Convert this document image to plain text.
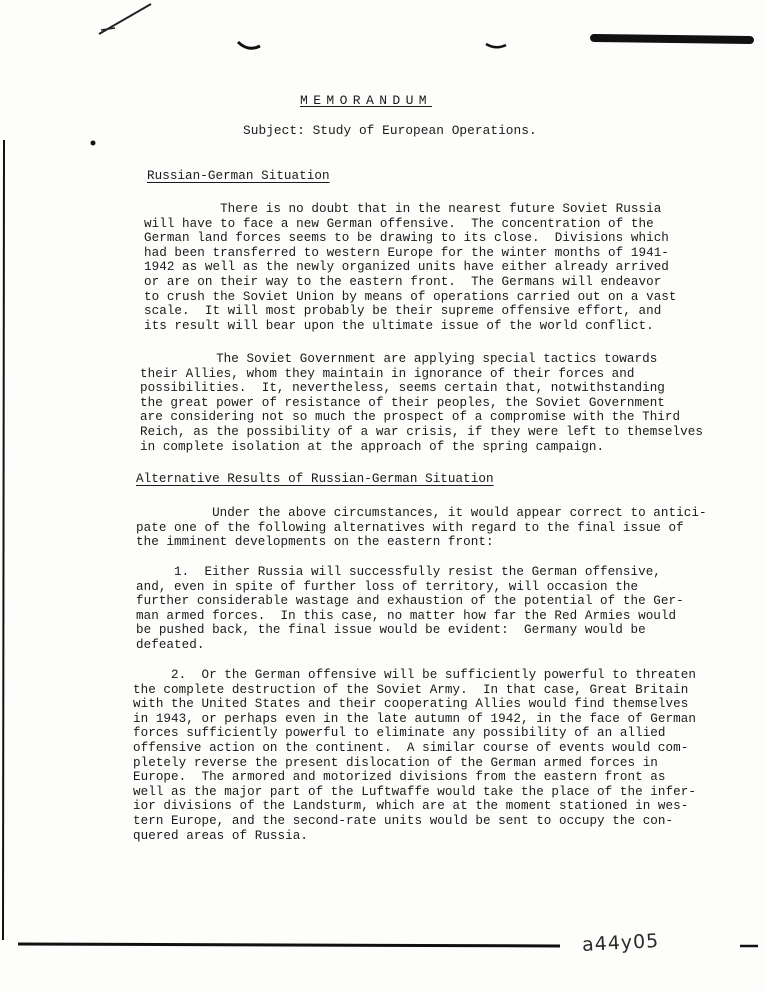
MEMORANDUM
Subject: Study of European Operations.
Russian-German Situation
There is no doubt that in the nearest future Soviet Russia
will have to face a new German offensive.  The concentration of the
German land forces seems to be drawing to its close.  Divisions which
had been transferred to western Europe for the winter months of 1941-
1942 as well as the newly organized units have either already arrived
or are on their way to the eastern front.  The Germans will endeavor
to crush the Soviet Union by means of operations carried out on a vast
scale.  It will most probably be their supreme offensive effort, and
its result will bear upon the ultimate issue of the world conflict.
The Soviet Government are applying special tactics towards
their Allies, whom they maintain in ignorance of their forces and
possibilities.  It, nevertheless, seems certain that, notwithstanding
the great power of resistance of their peoples, the Soviet Government
are considering not so much the prospect of a compromise with the Third
Reich, as the possibility of a war crisis, if they were left to themselves
in complete isolation at the approach of the spring campaign.
Alternative Results of Russian-German Situation
Under the above circumstances, it would appear correct to antici-
pate one of the following alternatives with regard to the final issue of
the imminent developments on the eastern front:
1.  Either Russia will successfully resist the German offensive,
and, even in spite of further loss of territory, will occasion the
further considerable wastage and exhaustion of the potential of the Ger-
man armed forces.  In this case, no matter how far the Red Armies would
be pushed back, the final issue would be evident:  Germany would be
defeated.
2.  Or the German offensive will be sufficiently powerful to threaten
the complete destruction of the Soviet Army.  In that case, Great Britain
with the United States and their cooperating Allies would find themselves
in 1943, or perhaps even in the late autumn of 1942, in the face of German
forces sufficiently powerful to eliminate any possibility of an allied
offensive action on the continent.  A similar course of events would com-
pletely reverse the present dislocation of the German armed forces in
Europe.  The armored and motorized divisions from the eastern front as
well as the major part of the Luftwaffe would take the place of the infer-
ior divisions of the Landsturm, which are at the moment stationed in wes-
tern Europe, and the second-rate units would be sent to occupy the con-
quered areas of Russia.
a44y05
